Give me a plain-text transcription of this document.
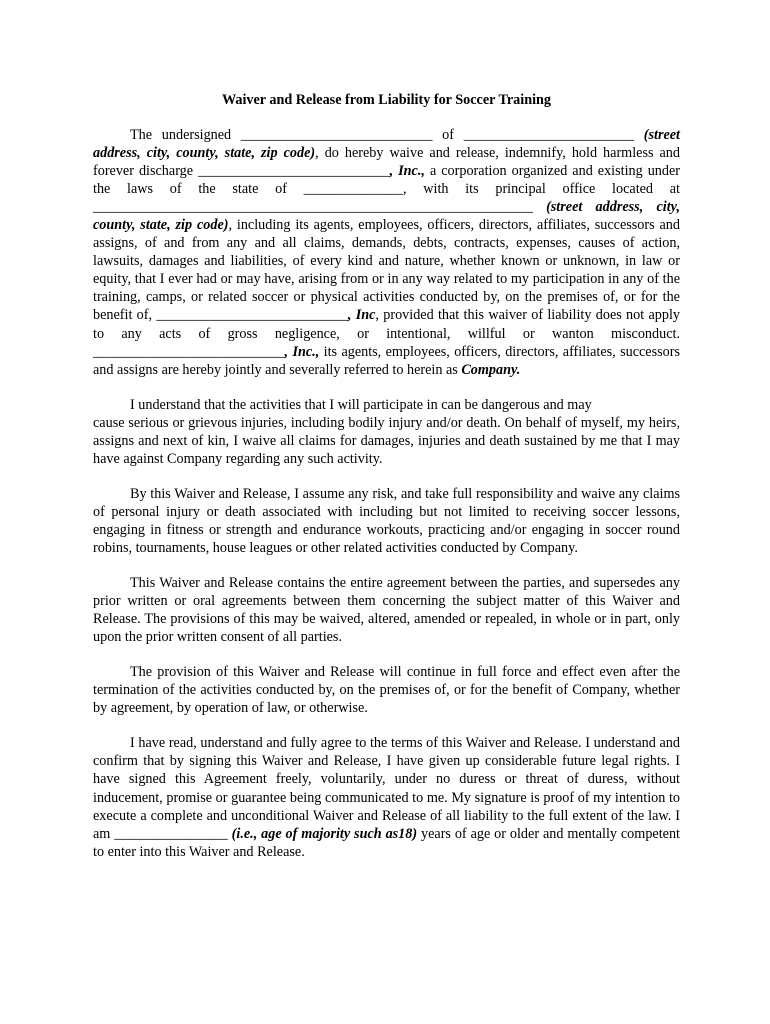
Waiver and Release from Liability for Soccer Training

The undersigned ___________________________ of ________________________ (street address, city, county, state, zip code), do hereby waive and release, indemnify, hold harmless and forever discharge ___________________________, Inc., a corporation organized and existing under the laws of the state of ______________, with its principal office located at ______________________________________________________________ (street address, city, county, state, zip code), including its agents, employees, officers, directors, affiliates, successors and assigns, of and from any and all claims, demands, debts, contracts, expenses, causes of action, lawsuits, damages and liabilities, of every kind and nature, whether known or unknown, in law or equity, that I ever had or may have, arising from or in any way related to my participation in any of the training, camps, or related soccer or physical activities conducted by, on the premises of, or for the benefit of, ___________________________, Inc, provided that this waiver of liability does not apply to any acts of gross negligence, or intentional, willful or wanton misconduct. ___________________________, Inc., its agents, employees, officers, directors, affiliates, successors and assigns are hereby jointly and severally referred to herein as Company.

I understand that the activities that I will participate in can be dangerous and may
cause serious or grievous injuries, including bodily injury and/or death. On behalf of myself, my heirs, assigns and next of kin, I waive all claims for damages, injuries and death sustained by me that I may have against Company regarding any such activity.

By this Waiver and Release, I assume any risk, and take full responsibility and waive any claims of personal injury or death associated with including but not limited to receiving soccer lessons, engaging in fitness or strength and endurance workouts, practicing and/or engaging in soccer round robins, tournaments, house leagues or other related activities conducted by Company.

This Waiver and Release contains the entire agreement between the parties, and supersedes any prior written or oral agreements between them concerning the subject matter of this Waiver and Release. The provisions of this may be waived, altered, amended or repealed, in whole or in part, only upon the prior written consent of all parties.

The provision of this Waiver and Release will continue in full force and effect even after the termination of the activities conducted by, on the premises of, or for the benefit of Company, whether by agreement, by operation of law, or otherwise.

I have read, understand and fully agree to the terms of this Waiver and Release. I understand and confirm that by signing this Waiver and Release, I have given up considerable future legal rights. I have signed this Agreement freely, voluntarily, under no duress or threat of duress, without inducement, promise or guarantee being communicated to me. My signature is proof of my intention to execute a complete and unconditional Waiver and Release of all liability to the full extent of the law. I am ________________ (i.e., age of majority such as18) years of age or older and mentally competent to enter into this Waiver and Release.
